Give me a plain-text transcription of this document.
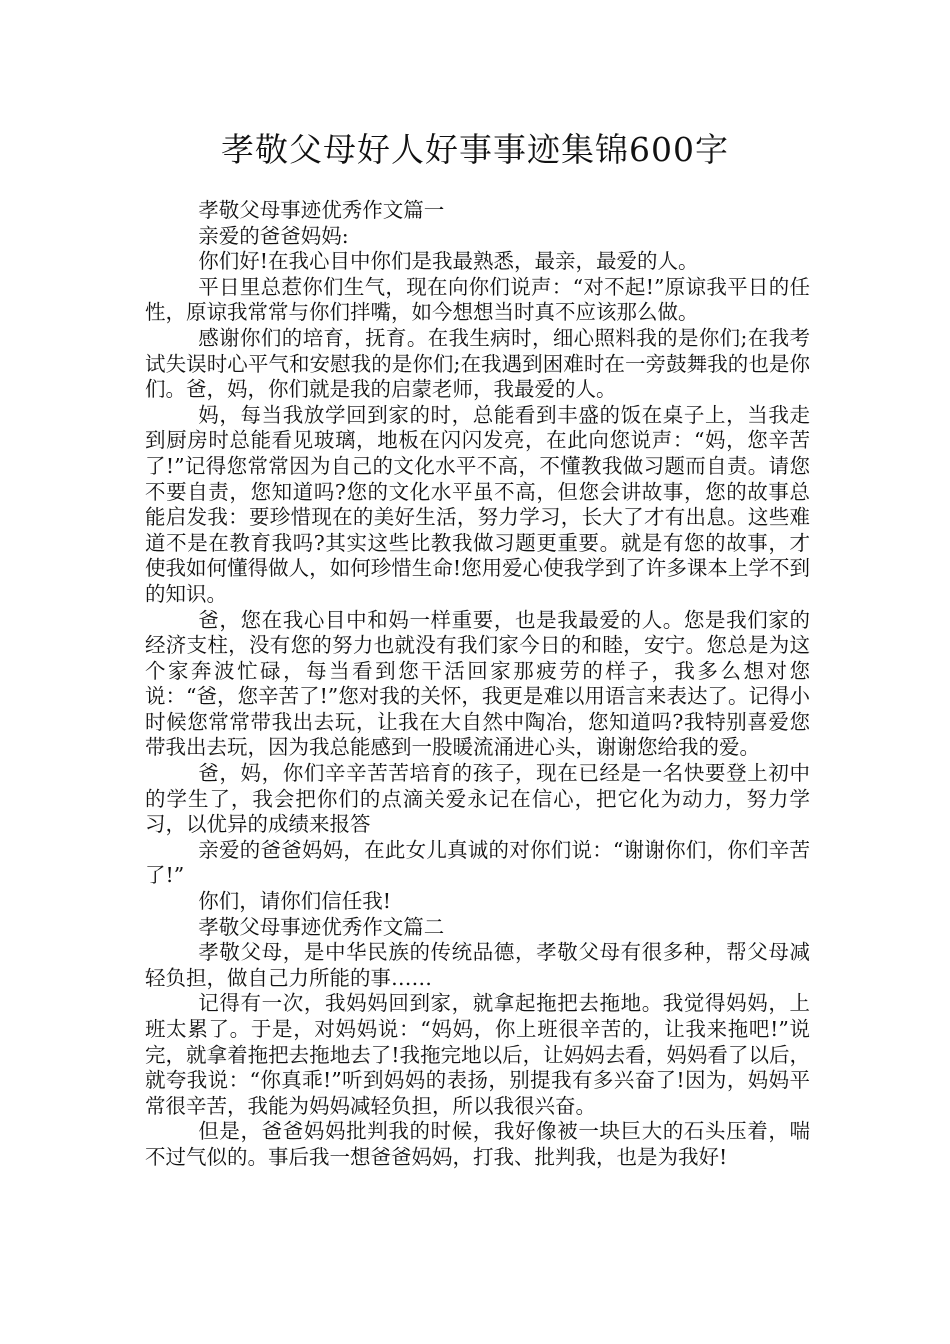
孝敬父母好人好事事迹集锦600字

孝敬父母事迹优秀作文篇一

亲爱的爸爸妈妈:

你们好!在我心目中你们是我最熟悉，最亲，最爱的人。

平日里总惹你们生气，现在向你们说声：“对不起!”原谅我平日的任性，原谅我常常与你们拌嘴，如今想想当时真不应该那么做。

感谢你们的培育，抚育。在我生病时，细心照料我的是你们;在我考试失误时心平气和安慰我的是你们;在我遇到困难时在一旁鼓舞我的也是你们。爸，妈，你们就是我的启蒙老师，我最爱的人。

妈，每当我放学回到家的时，总能看到丰盛的饭在桌子上，当我走到厨房时总能看见玻璃，地板在闪闪发亮，在此向您说声：“妈，您辛苦了!”记得您常常因为自己的文化水平不高，不懂教我做习题而自责。请您不要自责，您知道吗?您的文化水平虽不高，但您会讲故事，您的故事总能启发我：要珍惜现在的美好生活，努力学习，长大了才有出息。这些难道不是在教育我吗?其实这些比教我做习题更重要。就是有您的故事，才使我如何懂得做人，如何珍惜生命!您用爱心使我学到了许多课本上学不到的知识。

爸，您在我心目中和妈一样重要，也是我最爱的人。您是我们家的经济支柱，没有您的努力也就没有我们家今日的和睦，安宁。您总是为这个家奔波忙碌，每当看到您干活回家那疲劳的样子，我多么想对您说：“爸，您辛苦了!”您对我的关怀，我更是难以用语言来表达了。记得小时候您常常带我出去玩，让我在大自然中陶冶，您知道吗?我特别喜爱您带我出去玩，因为我总能感到一股暖流涌进心头，谢谢您给我的爱。

爸，妈，你们辛辛苦苦培育的孩子，现在已经是一名快要登上初中的学生了，我会把你们的点滴关爱永记在信心，把它化为动力，努力学习，以优异的成绩来报答

亲爱的爸爸妈妈，在此女儿真诚的对你们说：“谢谢你们，你们辛苦了!”

你们，请你们信任我!

孝敬父母事迹优秀作文篇二

孝敬父母，是中华民族的传统品德，孝敬父母有很多种，帮父母减轻负担，做自己力所能的事……

记得有一次，我妈妈回到家，就拿起拖把去拖地。我觉得妈妈，上班太累了。于是，对妈妈说：“妈妈，你上班很辛苦的，让我来拖吧!”说完，就拿着拖把去拖地去了!我拖完地以后，让妈妈去看，妈妈看了以后，就夸我说：“你真乖!”听到妈妈的表扬，别提我有多兴奋了!因为，妈妈平常很辛苦，我能为妈妈减轻负担，所以我很兴奋。

但是，爸爸妈妈批判我的时候，我好像被一块巨大的石头压着，喘不过气似的。事后我一想爸爸妈妈，打我、批判我，也是为我好!
